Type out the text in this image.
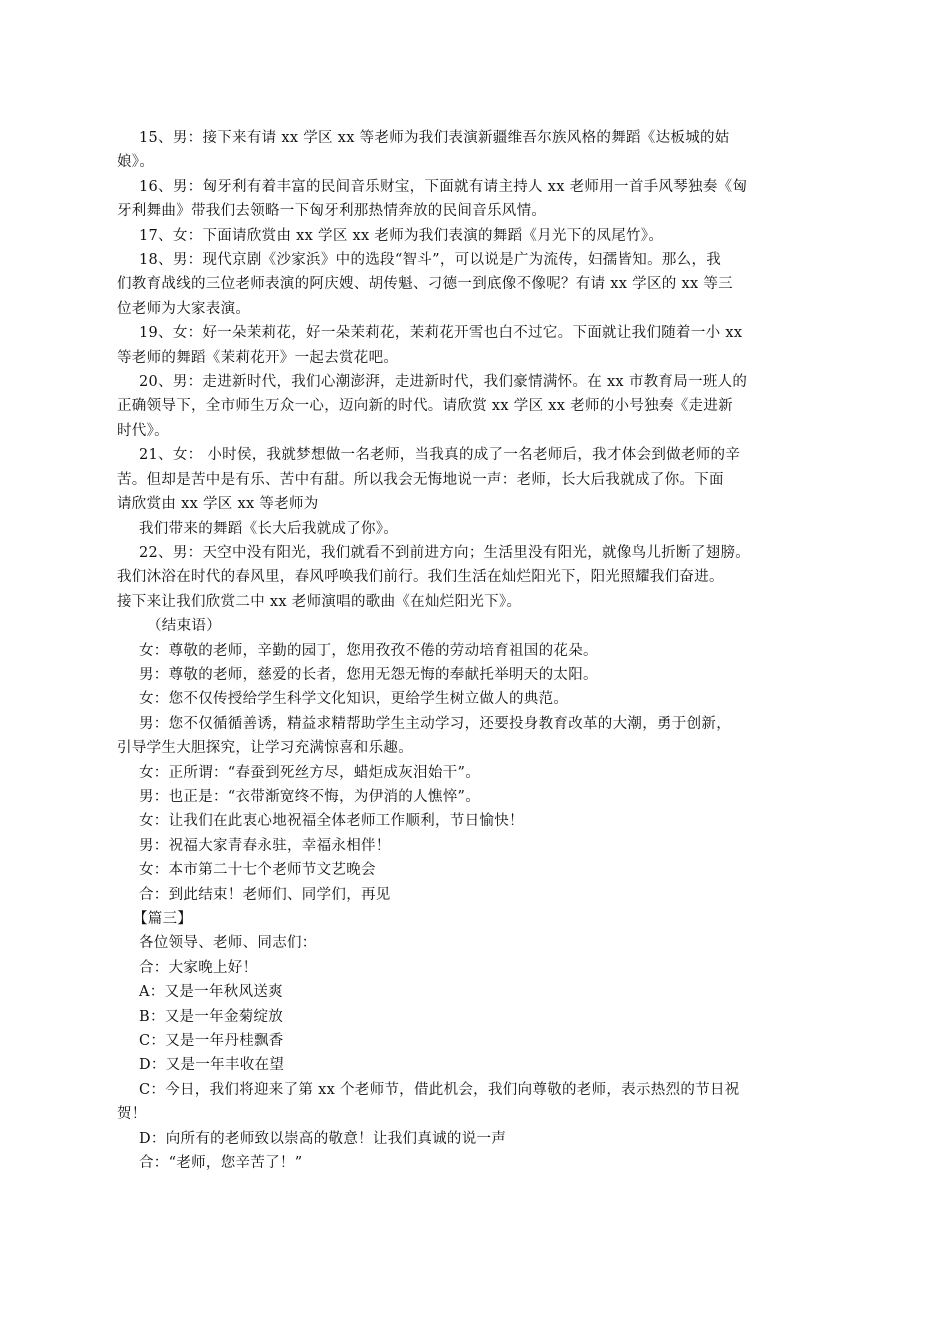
15、男：接下来有请 xx 学区 xx 等老师为我们表演新疆维吾尔族风格的舞蹈《达板城的姑
娘》。
16、男：匈牙利有着丰富的民间音乐财宝，下面就有请主持人 xx 老师用一首手风琴独奏《匈
牙利舞曲》带我们去领略一下匈牙利那热情奔放的民间音乐风情。
17、女：下面请欣赏由 xx 学区 xx 老师为我们表演的舞蹈《月光下的凤尾竹》。
18、男：现代京剧《沙家浜》中的选段“智斗”，可以说是广为流传，妇孺皆知。那么，我
们教育战线的三位老师表演的阿庆嫂、胡传魁、刁德一到底像不像呢？有请 xx 学区的 xx 等三
位老师为大家表演。
19、女：好一朵茉莉花，好一朵茉莉花，茉莉花开雪也白不过它。下面就让我们随着一小 xx
等老师的舞蹈《茉莉花开》一起去赏花吧。
20、男：走进新时代，我们心潮澎湃，走进新时代，我们豪情满怀。在 xx 市教育局一班人的
正确领导下，全市师生万众一心，迈向新的时代。请欣赏 xx 学区 xx 老师的小号独奏《走进新
时代》。
21、女： 小时侯，我就梦想做一名老师，当我真的成了一名老师后，我才体会到做老师的辛
苦。但却是苦中是有乐、苦中有甜。所以我会无悔地说一声：老师，长大后我就成了你。下面
请欣赏由 xx 学区 xx 等老师为
我们带来的舞蹈《长大后我就成了你》。
22、男：天空中没有阳光，我们就看不到前进方向；生活里没有阳光，就像鸟儿折断了翅膀。
我们沐浴在时代的春风里，春风呼唤我们前行。我们生活在灿烂阳光下，阳光照耀我们奋进。
接下来让我们欣赏二中 xx 老师演唱的歌曲《在灿烂阳光下》。
（结束语）
女：尊敬的老师，辛勤的园丁，您用孜孜不倦的劳动培育祖国的花朵。
男：尊敬的老师，慈爱的长者，您用无怨无悔的奉献托举明天的太阳。
女：您不仅传授给学生科学文化知识，更给学生树立做人的典范。
男：您不仅循循善诱，精益求精帮助学生主动学习，还要投身教育改革的大潮，勇于创新，
引导学生大胆探究，让学习充满惊喜和乐趣。
女：正所谓：“春蚕到死丝方尽，蜡炬成灰泪始干”。
男：也正是：“衣带渐宽终不悔，为伊消的人憔悴”。
女：让我们在此衷心地祝福全体老师工作顺利，节日愉快！
男：祝福大家青春永驻，幸福永相伴！
女：本市第二十七个老师节文艺晚会
合：到此结束！老师们、同学们，再见
【篇三】
各位领导、老师、同志们：
合：大家晚上好！
A：又是一年秋风送爽
B：又是一年金菊绽放
C：又是一年丹桂飘香
D：又是一年丰收在望
C：今日，我们将迎来了第 xx 个老师节，借此机会，我们向尊敬的老师，表示热烈的节日祝
贺！
D：向所有的老师致以崇高的敬意！让我们真诚的说一声
合：“老师，您辛苦了！”
